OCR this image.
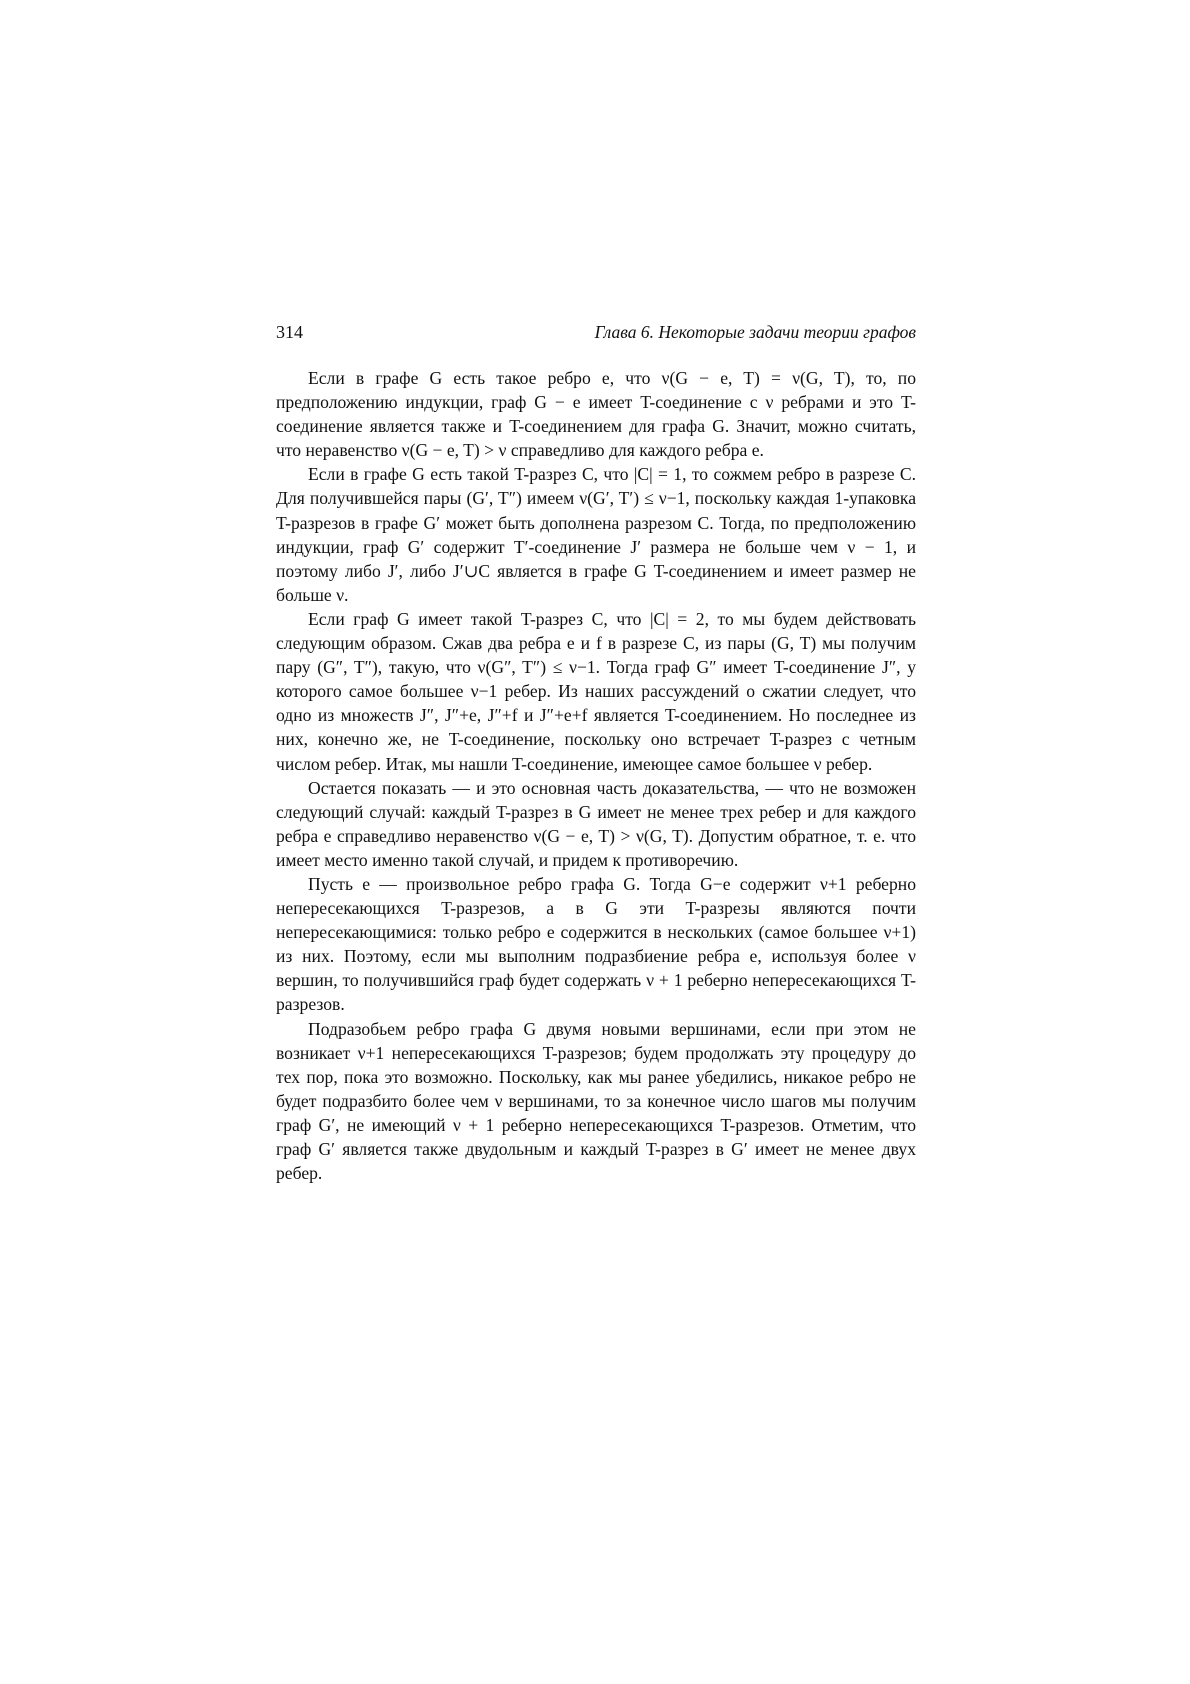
314	Глава 6. Некоторые задачи теории графов

Если в графе G есть такое ребро e, что ν(G − e, T) = ν(G, T), то, по предположению индукции, граф G − e имеет T-соединение с ν ребрами и это T-соединение является также и T-соединением для графа G. Значит, можно считать, что неравенство ν(G − e, T) > ν справедливо для каждого ребра e.

Если в графе G есть такой T-разрез C, что |C| = 1, то сожмем ребро в разрезе C. Для получившейся пары (G′, T″) имеем ν(G′, T′) ≤ ν−1, поскольку каждая 1-упаковка T-разрезов в графе G′ может быть дополнена разрезом C. Тогда, по предположению индукции, граф G′ содержит T′-соединение J′ размера не больше чем ν − 1, и поэтому либо J′, либо J′∪C является в графе G T-соединением и имеет размер не больше ν.

Если граф G имеет такой T-разрез C, что |C| = 2, то мы будем действовать следующим образом. Сжав два ребра e и f в разрезе C, из пары (G, T) мы получим пару (G″, T″), такую, что ν(G″, T″) ≤ ν−1. Тогда граф G″ имеет T-соединение J″, у которого самое большее ν−1 ребер. Из наших рассуждений о сжатии следует, что одно из множеств J″, J″+e, J″+f и J″+e+f является T-соединением. Но последнее из них, конечно же, не T-соединение, поскольку оно встречает T-разрез с четным числом ребер. Итак, мы нашли T-соединение, имеющее самое большее ν ребер.

Остается показать — и это основная часть доказательства, — что не возможен следующий случай: каждый T-разрез в G имеет не менее трех ребер и для каждого ребра e справедливо неравенство ν(G − e, T) > ν(G, T). Допустим обратное, т. е. что имеет место именно такой случай, и придем к противоречию.

Пусть e — произвольное ребро графа G. Тогда G−e содержит ν+1 реберно непересекающихся T-разрезов, а в G эти T-разрезы являются почти непересекающимися: только ребро e содержится в нескольких (самое большее ν+1) из них. Поэтому, если мы выполним подразбиение ребра e, используя более ν вершин, то получившийся граф будет содержать ν + 1 реберно непересекающихся T-разрезов.

Подразобьем ребро графа G двумя новыми вершинами, если при этом не возникает ν+1 непересекающихся T-разрезов; будем продолжать эту процедуру до тех пор, пока это возможно. Поскольку, как мы ранее убедились, никакое ребро не будет подразбито более чем ν вершинами, то за конечное число шагов мы получим граф G′, не имеющий ν + 1 реберно непересекающихся T-разрезов. Отметим, что граф G′ является также двудольным и каждый T-разрез в G′ имеет не менее двух ребер.
